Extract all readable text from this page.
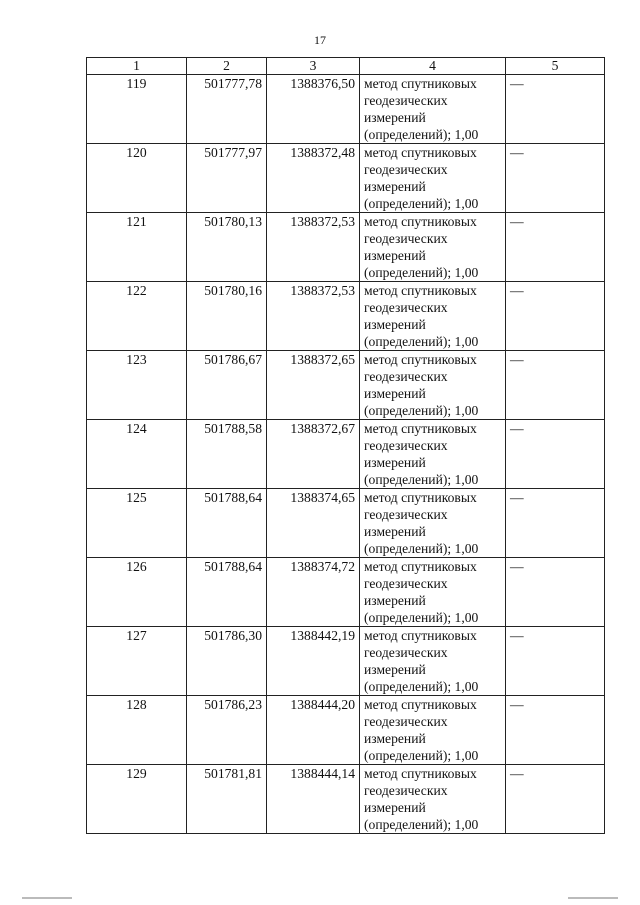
17
1	2	3	4	5
119	501777,78	1388376,50	метод спутниковых геодезических измерений (определений); 1,00	—
120	501777,97	1388372,48	метод спутниковых геодезических измерений (определений); 1,00	—
121	501780,13	1388372,53	метод спутниковых геодезических измерений (определений); 1,00	—
122	501780,16	1388372,53	метод спутниковых геодезических измерений (определений); 1,00	—
123	501786,67	1388372,65	метод спутниковых геодезических измерений (определений); 1,00	—
124	501788,58	1388372,67	метод спутниковых геодезических измерений (определений); 1,00	—
125	501788,64	1388374,65	метод спутниковых геодезических измерений (определений); 1,00	—
126	501788,64	1388374,72	метод спутниковых геодезических измерений (определений); 1,00	—
127	501786,30	1388442,19	метод спутниковых геодезических измерений (определений); 1,00	—
128	501786,23	1388444,20	метод спутниковых геодезических измерений (определений); 1,00	—
129	501781,81	1388444,14	метод спутниковых геодезических измерений (определений); 1,00	—
